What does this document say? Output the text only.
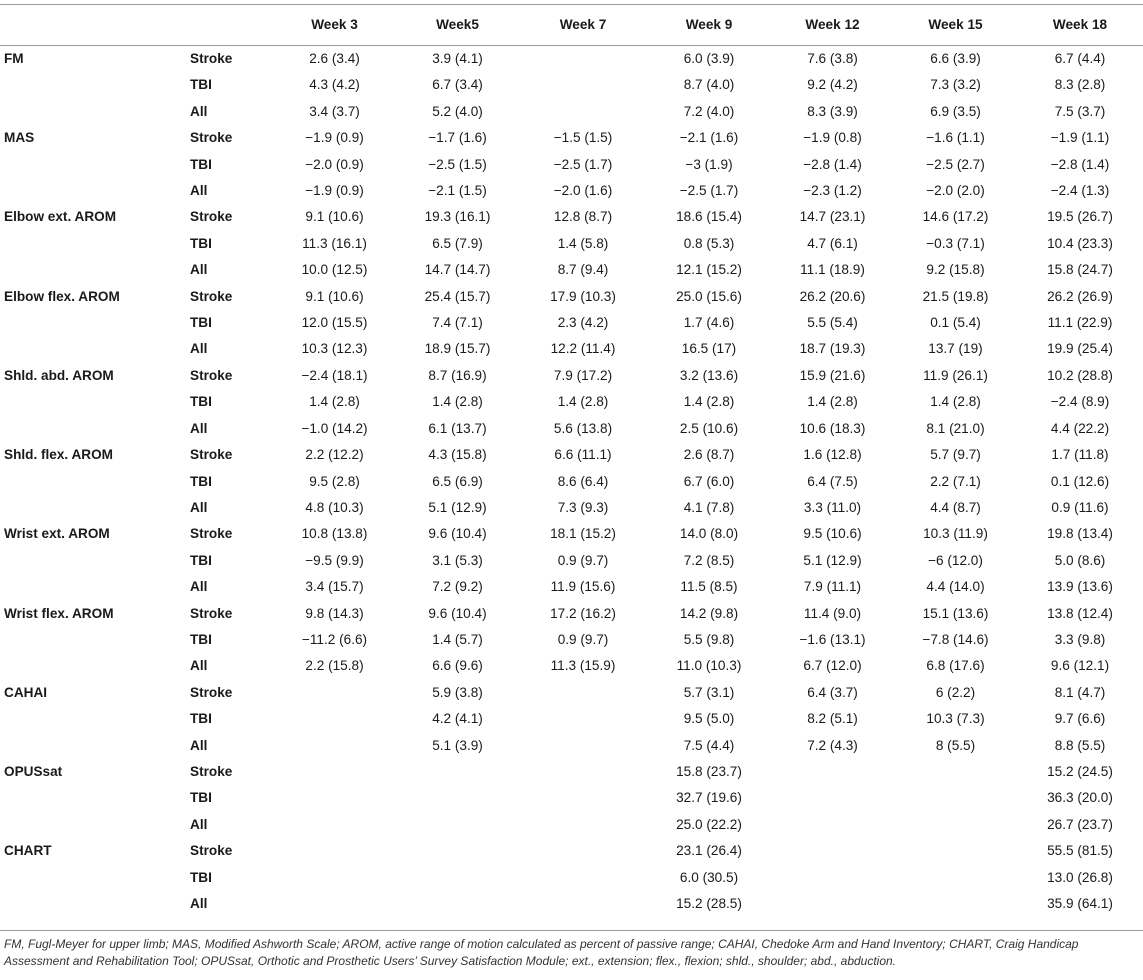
		Week 3	Week5	Week 7	Week 9	Week 12	Week 15	Week 18
FM	Stroke	2.6 (3.4)	3.9 (4.1)		6.0 (3.9)	7.6 (3.8)	6.6 (3.9)	6.7 (4.4)
	TBI	4.3 (4.2)	6.7 (3.4)		8.7 (4.0)	9.2 (4.2)	7.3 (3.2)	8.3 (2.8)
	All	3.4 (3.7)	5.2 (4.0)		7.2 (4.0)	8.3 (3.9)	6.9 (3.5)	7.5 (3.7)
MAS	Stroke	−1.9 (0.9)	−1.7 (1.6)	−1.5 (1.5)	−2.1 (1.6)	−1.9 (0.8)	−1.6 (1.1)	−1.9 (1.1)
	TBI	−2.0 (0.9)	−2.5 (1.5)	−2.5 (1.7)	−3 (1.9)	−2.8 (1.4)	−2.5 (2.7)	−2.8 (1.4)
	All	−1.9 (0.9)	−2.1 (1.5)	−2.0 (1.6)	−2.5 (1.7)	−2.3 (1.2)	−2.0 (2.0)	−2.4 (1.3)
Elbow ext. AROM	Stroke	9.1 (10.6)	19.3 (16.1)	12.8 (8.7)	18.6 (15.4)	14.7 (23.1)	14.6 (17.2)	19.5 (26.7)
	TBI	11.3 (16.1)	6.5 (7.9)	1.4 (5.8)	0.8 (5.3)	4.7 (6.1)	−0.3 (7.1)	10.4 (23.3)
	All	10.0 (12.5)	14.7 (14.7)	8.7 (9.4)	12.1 (15.2)	11.1 (18.9)	9.2 (15.8)	15.8 (24.7)
Elbow flex. AROM	Stroke	9.1 (10.6)	25.4 (15.7)	17.9 (10.3)	25.0 (15.6)	26.2 (20.6)	21.5 (19.8)	26.2 (26.9)
	TBI	12.0 (15.5)	7.4 (7.1)	2.3 (4.2)	1.7 (4.6)	5.5 (5.4)	0.1 (5.4)	11.1 (22.9)
	All	10.3 (12.3)	18.9 (15.7)	12.2 (11.4)	16.5 (17)	18.7 (19.3)	13.7 (19)	19.9 (25.4)
Shld. abd. AROM	Stroke	−2.4 (18.1)	8.7 (16.9)	7.9 (17.2)	3.2 (13.6)	15.9 (21.6)	11.9 (26.1)	10.2 (28.8)
	TBI	1.4 (2.8)	1.4 (2.8)	1.4 (2.8)	1.4 (2.8)	1.4 (2.8)	1.4 (2.8)	−2.4 (8.9)
	All	−1.0 (14.2)	6.1 (13.7)	5.6 (13.8)	2.5 (10.6)	10.6 (18.3)	8.1 (21.0)	4.4 (22.2)
Shld. flex. AROM	Stroke	2.2 (12.2)	4.3 (15.8)	6.6 (11.1)	2.6 (8.7)	1.6 (12.8)	5.7 (9.7)	1.7 (11.8)
	TBI	9.5 (2.8)	6.5 (6.9)	8.6 (6.4)	6.7 (6.0)	6.4 (7.5)	2.2 (7.1)	0.1 (12.6)
	All	4.8 (10.3)	5.1 (12.9)	7.3 (9.3)	4.1 (7.8)	3.3 (11.0)	4.4 (8.7)	0.9 (11.6)
Wrist ext. AROM	Stroke	10.8 (13.8)	9.6 (10.4)	18.1 (15.2)	14.0 (8.0)	9.5 (10.6)	10.3 (11.9)	19.8 (13.4)
	TBI	−9.5 (9.9)	3.1 (5.3)	0.9 (9.7)	7.2 (8.5)	5.1 (12.9)	−6 (12.0)	5.0 (8.6)
	All	3.4 (15.7)	7.2 (9.2)	11.9 (15.6)	11.5 (8.5)	7.9 (11.1)	4.4 (14.0)	13.9 (13.6)
Wrist flex. AROM	Stroke	9.8 (14.3)	9.6 (10.4)	17.2 (16.2)	14.2 (9.8)	11.4 (9.0)	15.1 (13.6)	13.8 (12.4)
	TBI	−11.2 (6.6)	1.4 (5.7)	0.9 (9.7)	5.5 (9.8)	−1.6 (13.1)	−7.8 (14.6)	3.3 (9.8)
	All	2.2 (15.8)	6.6 (9.6)	11.3 (15.9)	11.0 (10.3)	6.7 (12.0)	6.8 (17.6)	9.6 (12.1)
CAHAI	Stroke		5.9 (3.8)		5.7 (3.1)	6.4 (3.7)	6 (2.2)	8.1 (4.7)
	TBI		4.2 (4.1)		9.5 (5.0)	8.2 (5.1)	10.3 (7.3)	9.7 (6.6)
	All		5.1 (3.9)		7.5 (4.4)	7.2 (4.3)	8 (5.5)	8.8 (5.5)
OPUSsat	Stroke				15.8 (23.7)			15.2 (24.5)
	TBI				32.7 (19.6)			36.3 (20.0)
	All				25.0 (22.2)			26.7 (23.7)
CHART	Stroke				23.1 (26.4)			55.5 (81.5)
	TBI				6.0 (30.5)			13.0 (26.8)
	All				15.2 (28.5)			35.9 (64.1)
FM, Fugl-Meyer for upper limb; MAS, Modified Ashworth Scale; AROM, active range of motion calculated as percent of passive range; CAHAI, Chedoke Arm and Hand Inventory; CHART, Craig Handicap Assessment and Rehabilitation Tool; OPUSsat, Orthotic and Prosthetic Users’ Survey Satisfaction Module; ext., extension; flex., flexion; shld., shoulder; abd., abduction.
